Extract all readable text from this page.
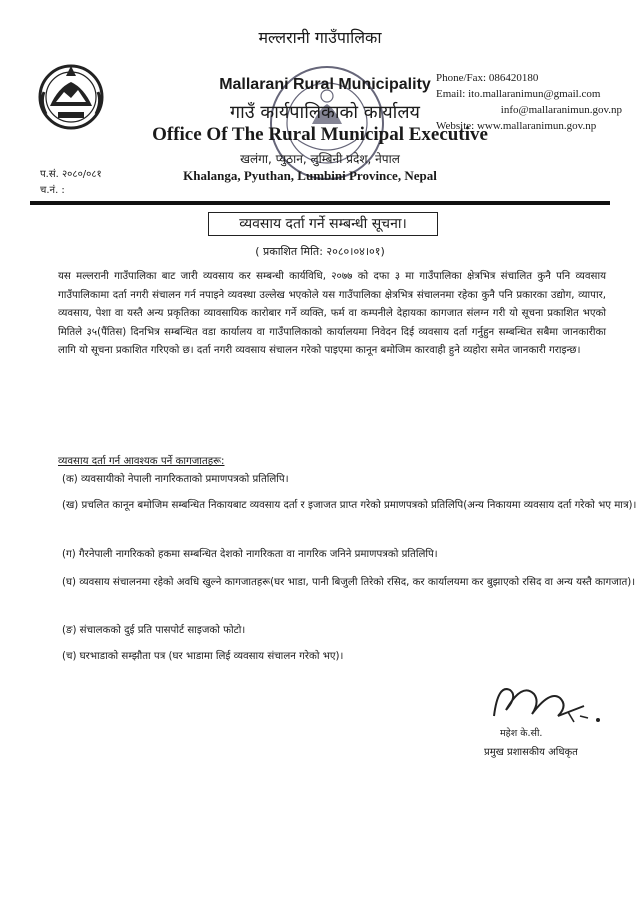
मल्लरानी गाउँपालिका
Mallarani Rural Municipality
गाउँ कार्यपालिकाको कार्यालय
Office Of The Rural Municipal Executive
खलंगा, प्युठान, लुम्बिनी प्रदेश, नेपाल
Khalanga, Pyuthan, Lumbini Province, Nepal
Phone/Fax: 086420180
Email: ito.mallaranimun@gmail.com
info@mallaranimun.gov.np
Website: www.mallaranimun.gov.np
प.सं. २०८०/०८१
च.नं. :
व्यवसाय दर्ता गर्ने सम्बन्धी सूचना।
( प्रकाशित मिति: २०८०।०४।०१)
यस मल्लरानी गाउँपालिका बाट जारी व्यवसाय कर सम्बन्धी कार्यविधि, २०७७ को दफा ३ मा गाउँपालिका क्षेत्रभित्र संचालित कुनै पनि व्यवसाय गाउँपालिकामा दर्ता नगरी संचालन गर्न नपाइने व्यवस्था उल्लेख भएकोले यस गाउँपालिका क्षेत्रभित्र संचालनमा रहेका कुनै पनि प्रकारका उद्योग, व्यापार, व्यवसाय, पेशा वा यस्तै अन्य प्रकृतिका व्यावसायिक कारोबार गर्ने व्यक्ति, फर्म वा कम्पनीले देहायका कागजात संलग्न गरी यो सूचना प्रकाशित भएको मितिले ३५(पैंतिस) दिनभित्र सम्बन्धित वडा कार्यालय वा गाउँपालिकाको कार्यालयमा निवेदन दिई व्यवसाय दर्ता गर्नुहुन सम्बन्धित सबैमा जानकारीका लागि यो सूचना प्रकाशित गरिएको छ। दर्ता नगरी व्यवसाय संचालन गरेको पाइएमा कानून बमोजिम कारवाही हुने व्यहोरा समेत जानकारी गराइन्छ।
व्यवसाय दर्ता गर्न आवश्यक पर्ने कागजातहरू:
(क) व्यवसायीको नेपाली नागरिकताको प्रमाणपत्रको प्रतिलिपि।
(ख) प्रचलित कानून बमोजिम सम्बन्धित निकायबाट व्यवसाय दर्ता र इजाजत प्राप्त गरेको प्रमाणपत्रको प्रतिलिपि(अन्य निकायमा व्यवसाय दर्ता गरेको भए मात्र)।
(ग) गैरनेपाली नागरिकको हकमा सम्बन्धित देशको नागरिकता वा नागरिक जनिने प्रमाणपत्रको प्रतिलिपि।
(घ) व्यवसाय संचालनमा रहेको अवधि खुल्ने कागजातहरू(घर भाडा, पानी बिजुली तिरेको रसिद, कर कार्यालयमा कर बुझाएको रसिद वा अन्य यस्तै कागजात)।
(ङ) संचालकको दुई प्रति पासपोर्ट साइजको फोटो।
(च) घरभाडाको सम्झौता पत्र (घर भाडामा लिई व्यवसाय संचालन गरेको भए)।
महेश के.सी.
प्रमुख प्रशासकीय अधिकृत
